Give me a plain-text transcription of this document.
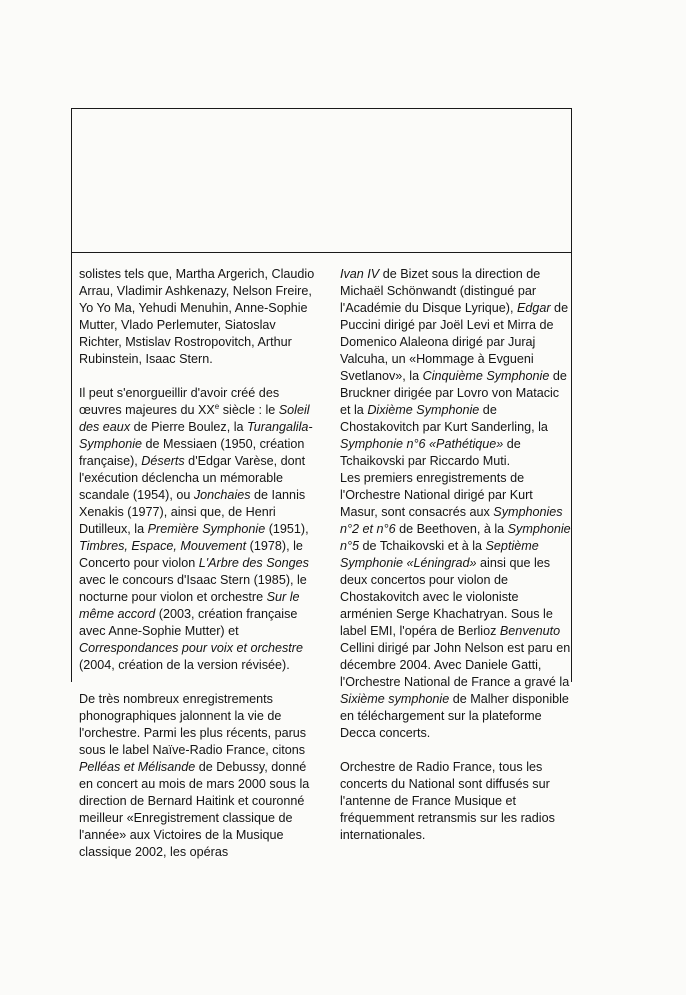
solistes tels que, Martha Argerich, Claudio Arrau, Vladimir Ashkenazy, Nelson Freire, Yo Yo Ma, Yehudi Menuhin, Anne-Sophie Mutter, Vlado Perlemuter, Siatoslav Richter, Mstislav Rostropovitch, Arthur Rubinstein, Isaac Stern.

Il peut s'enorgueillir d'avoir créé des œuvres majeures du XXe siècle : le Soleil des eaux de Pierre Boulez, la Turangalila-Symphonie de Messiaen (1950, création française), Déserts d'Edgar Varèse, dont l'exécution déclencha un mémorable scandale (1954), ou Jonchaies de Iannis Xenakis (1977), ainsi que, de Henri Dutilleux, la Première Symphonie (1951), Timbres, Espace, Mouvement (1978), le Concerto pour violon L'Arbre des Songes avec le concours d'Isaac Stern (1985), le nocturne pour violon et orchestre Sur le même accord (2003, création française avec Anne-Sophie Mutter) et Correspondances pour voix et orchestre (2004, création de la version révisée).

De très nombreux enregistrements phonographiques jalonnent la vie de l'orchestre. Parmi les plus récents, parus sous le label Naïve-Radio France, citons Pelléas et Mélisande de Debussy, donné en concert au mois de mars 2000 sous la direction de Bernard Haitink et couronné meilleur «Enregistrement classique de l'année» aux Victoires de la Musique classique 2002, les opéras

Ivan IV de Bizet sous la direction de Michaël Schönwandt (distingué par l'Académie du Disque Lyrique), Edgar de Puccini dirigé par Joël Levi et Mirra de Domenico Alaleona dirigé par Juraj Valcuha, un «Hommage à Evgueni Svetlanov», la Cinquième Symphonie de Bruckner dirigée par Lovro von Matacic et la Dixième Symphonie de Chostakovitch par Kurt Sanderling, la Symphonie n°6 «Pathétique» de Tchaikovski par Riccardo Muti.

Les premiers enregistrements de l'Orchestre National dirigé par Kurt Masur, sont consacrés aux Symphonies n°2 et n°6 de Beethoven, à la Symphonie n°5 de Tchaikovski et à la Septième Symphonie «Léningrad» ainsi que les deux concertos pour violon de Chostakovitch avec le violoniste arménien Serge Khachatryan. Sous le label EMI, l'opéra de Berlioz Benvenuto Cellini dirigé par John Nelson est paru en décembre 2004. Avec Daniele Gatti, l'Orchestre National de France a gravé la Sixième symphonie de Malher disponible en téléchargement sur la plateforme Decca concerts.

Orchestre de Radio France, tous les concerts du National sont diffusés sur l'antenne de France Musique et fréquemment retransmis sur les radios internationales.
